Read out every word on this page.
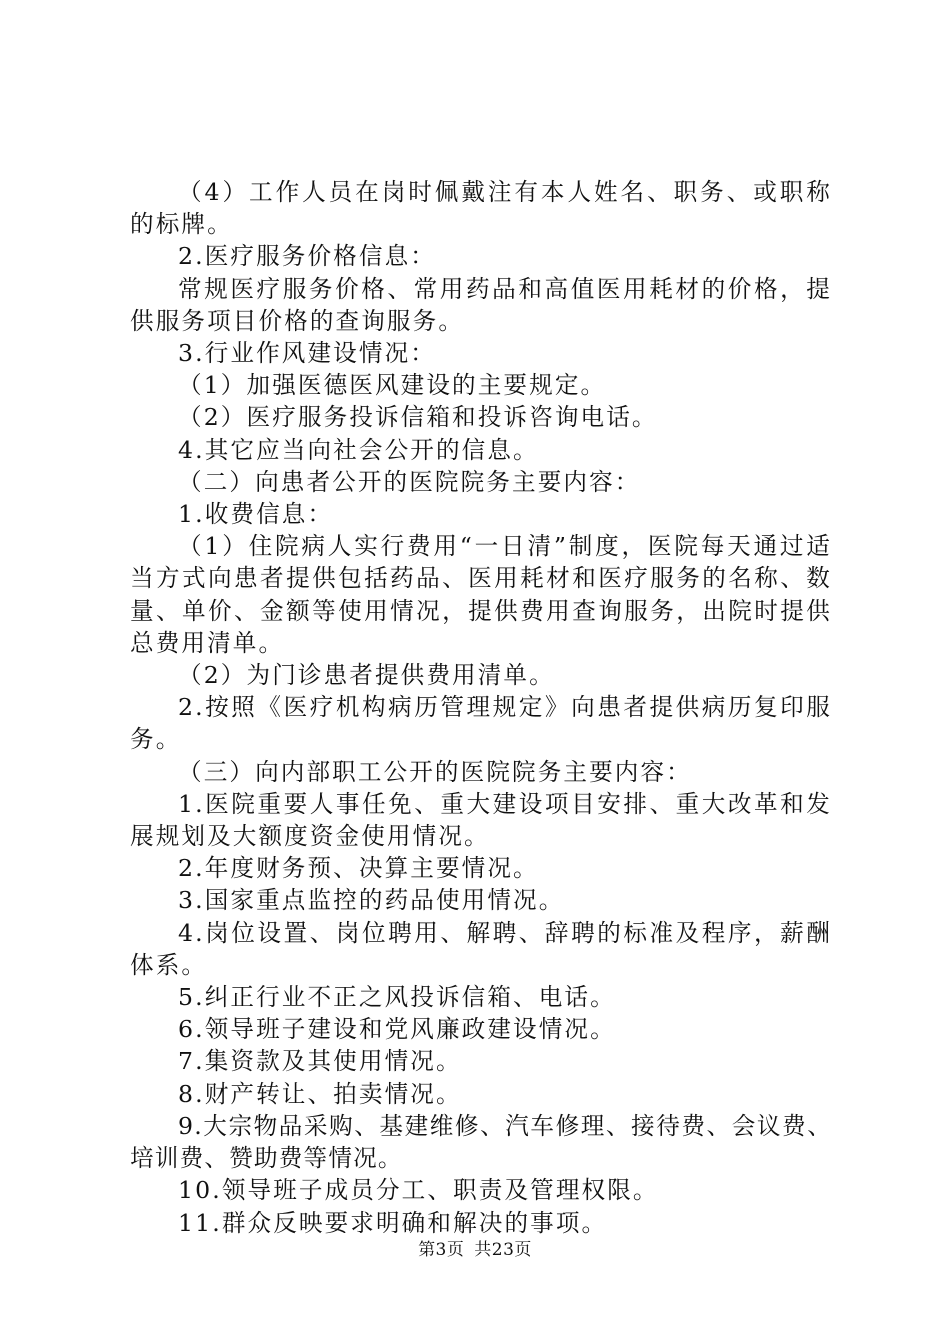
（4）工作人员在岗时佩戴注有本人姓名、职务、或职称的标牌。

2.医疗服务价格信息：

常规医疗服务价格、常用药品和高值医用耗材的价格，提供服务项目价格的查询服务。

3.行业作风建设情况：

（1）加强医德医风建设的主要规定。

（2）医疗服务投诉信箱和投诉咨询电话。

4.其它应当向社会公开的信息。

（二）向患者公开的医院院务主要内容：

1.收费信息：

（1）住院病人实行费用“一日清”制度，医院每天通过适当方式向患者提供包括药品、医用耗材和医疗服务的名称、数量、单价、金额等使用情况，提供费用查询服务，出院时提供总费用清单。

（2）为门诊患者提供费用清单。

2.按照《医疗机构病历管理规定》向患者提供病历复印服务。

（三）向内部职工公开的医院院务主要内容：

1.医院重要人事任免、重大建设项目安排、重大改革和发展规划及大额度资金使用情况。

2.年度财务预、决算主要情况。

3.国家重点监控的药品使用情况。

4.岗位设置、岗位聘用、解聘、辞聘的标准及程序，薪酬体系。

5.纠正行业不正之风投诉信箱、电话。

6.领导班子建设和党风廉政建设情况。

7.集资款及其使用情况。

8.财产转让、拍卖情况。

9.大宗物品采购、基建维修、汽车修理、接待费、会议费、培训费、赞助费等情况。

10.领导班子成员分工、职责及管理权限。

11.群众反映要求明确和解决的事项。

第3页 共23页
